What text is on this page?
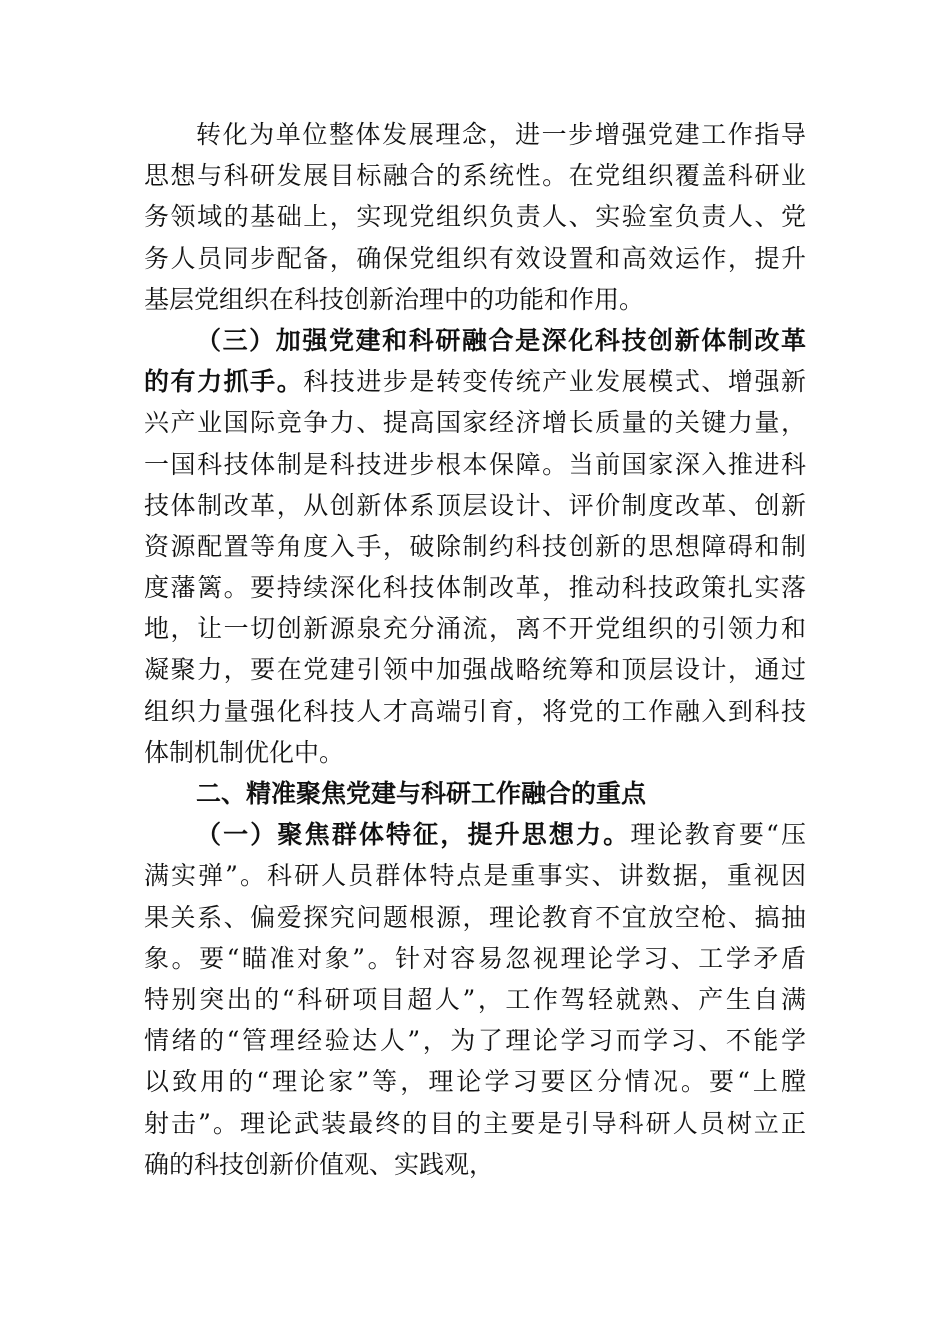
转化为单位整体发展理念，进一步增强党建工作指导
思想与科研发展目标融合的系统性。在党组织覆盖科研业
务领域的基础上，实现党组织负责人、实验室负责人、党
务人员同步配备，确保党组织有效设置和高效运作，提升
基层党组织在科技创新治理中的功能和作用。
（三）加强党建和科研融合是深化科技创新体制改革
的有力抓手。科技进步是转变传统产业发展模式、增强新
兴产业国际竞争力、提高国家经济增长质量的关键力量，
一国科技体制是科技进步根本保障。当前国家深入推进科
技体制改革，从创新体系顶层设计、评价制度改革、创新
资源配置等角度入手，破除制约科技创新的思想障碍和制
度藩篱。要持续深化科技体制改革，推动科技政策扎实落
地，让一切创新源泉充分涌流，离不开党组织的引领力和
凝聚力，要在党建引领中加强战略统筹和顶层设计，通过
组织力量强化科技人才高端引育，将党的工作融入到科技
体制机制优化中。
二、精准聚焦党建与科研工作融合的重点
（一）聚焦群体特征，提升思想力。理论教育要“压
满实弹”。科研人员群体特点是重事实、讲数据，重视因
果关系、偏爱探究问题根源，理论教育不宜放空枪、搞抽
象。要“瞄准对象”。针对容易忽视理论学习、工学矛盾
特别突出的“科研项目超人”，工作驾轻就熟、产生自满
情绪的“管理经验达人”，为了理论学习而学习、不能学
以致用的“理论家”等，理论学习要区分情况。要“上膛
射击”。理论武装最终的目的主要是引导科研人员树立正
确的科技创新价值观、实践观，
